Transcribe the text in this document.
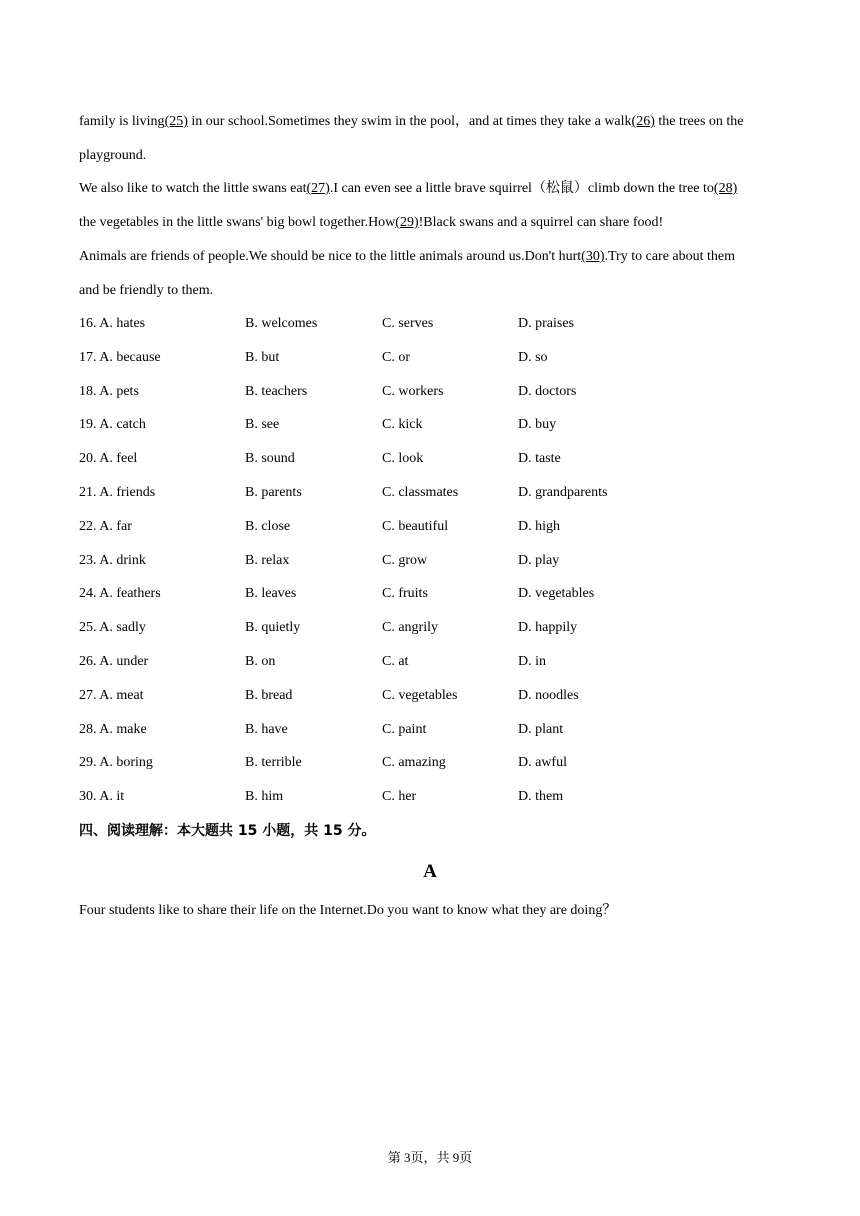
family is living(25) in our school.Sometimes they swim in the pool，and at times they take a walk(26) the trees on the
playground.
We also like to watch the little swans eat(27).I can even see a little brave squirrel（松鼠）climb down the tree to(28)
the vegetables in the little swans' big bowl together.How(29)!Black swans and a squirrel can share food!
Animals are friends of people.We should be nice to the little animals around us.Don't hurt(30).Try to care about them
and be friendly to them.
16. A. hates	B. welcomes	C. serves	D. praises
17. A. because	B. but	C. or	D. so
18. A. pets	B. teachers	C. workers	D. doctors
19. A. catch	B. see	C. kick	D. buy
20. A. feel	B. sound	C. look	D. taste
21. A. friends	B. parents	C. classmates	D. grandparents
22. A. far	B. close	C. beautiful	D. high
23. A. drink	B. relax	C. grow	D. play
24. A. feathers	B. leaves	C. fruits	D. vegetables
25. A. sadly	B. quietly	C. angrily	D. happily
26. A. under	B. on	C. at	D. in
27. A. meat	B. bread	C. vegetables	D. noodles
28. A. make	B. have	C. paint	D. plant
29. A. boring	B. terrible	C. amazing	D. awful
30. A. it	B. him	C. her	D. them
四、阅读理解：本大题共 15 小题，共 15 分。
A
Four students like to share their life on the Internet.Do you want to know what they are doing？
第 3页，共 9页
